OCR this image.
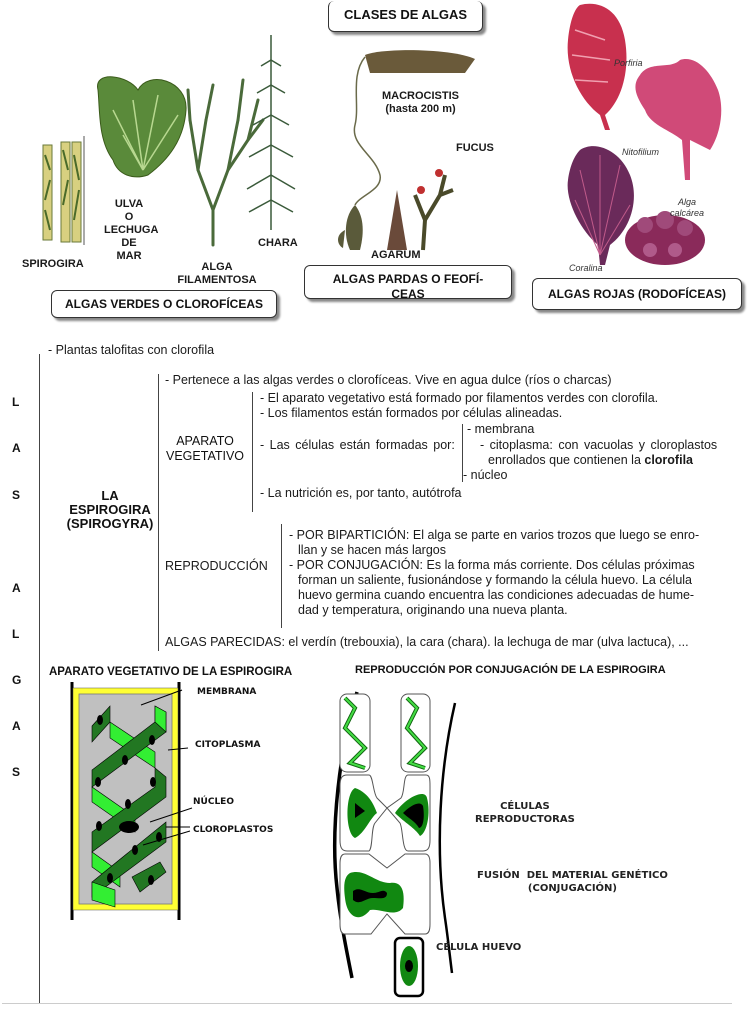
CLASES DE ALGAS
SPIROGIRA
ULVA
O
LECHUGA
DE
MAR
ALGA
FILAMENTOSA
CHARA
ALGAS VERDES O CLOROFÍCEAS
MACROCISTIS
(hasta 200 m)
FUCUS
AGARUM
ALGAS PARDAS O FEOFÍ-
CEAS
Porfiria
Nitofilium
Alga
calcárea
Coralina
ALGAS ROJAS (RODOFÍCEAS)
L
A
S
A
L
G
A
S
- Plantas talofitas con clorofila
LA
ESPIROGIRA
(SPIROGYRA)
- Pertenece a las algas verdes o clorofíceas. Vive en agua dulce (ríos o charcas)
APARATO
VEGETATIVO
- El aparato vegetativo está formado por filamentos verdes con clorofila.
- Los filamentos están formados por células alineadas.
- Las células están formadas por:
- La nutrición es, por tanto, autótrofa
- membrana
- citoplasma: con vacuolas y cloroplastos
enrollados que contienen la clorofila
- núcleo
REPRODUCCIÓN
- POR BIPARTICIÓN: El alga se parte en varios trozos que luego se enro-
llan y se hacen más largos
- POR CONJUGACIÓN: Es la forma más corriente. Dos células próximas
forman un saliente, fusionándose y formando la célula huevo. La célula
huevo germina cuando encuentra las condiciones adecuadas de hume-
dad y temperatura, originando una nueva planta.
ALGAS PARECIDAS: el verdín (trebouxia), la cara (chara). la lechuga de mar (ulva lactuca), ...
APARATO VEGETATIVO DE LA ESPIROGIRA
MEMBRANA
CITOPLASMA
NÚCLEO
CLOROPLASTOS
REPRODUCCIÓN POR CONJUGACIÓN DE LA ESPIROGIRA
CÉLULAS
REPRODUCTORAS
FUSIÓN  DEL MATERIAL GENÉTICO
(CONJUGACIÓN)
CÉLULA HUEVO
